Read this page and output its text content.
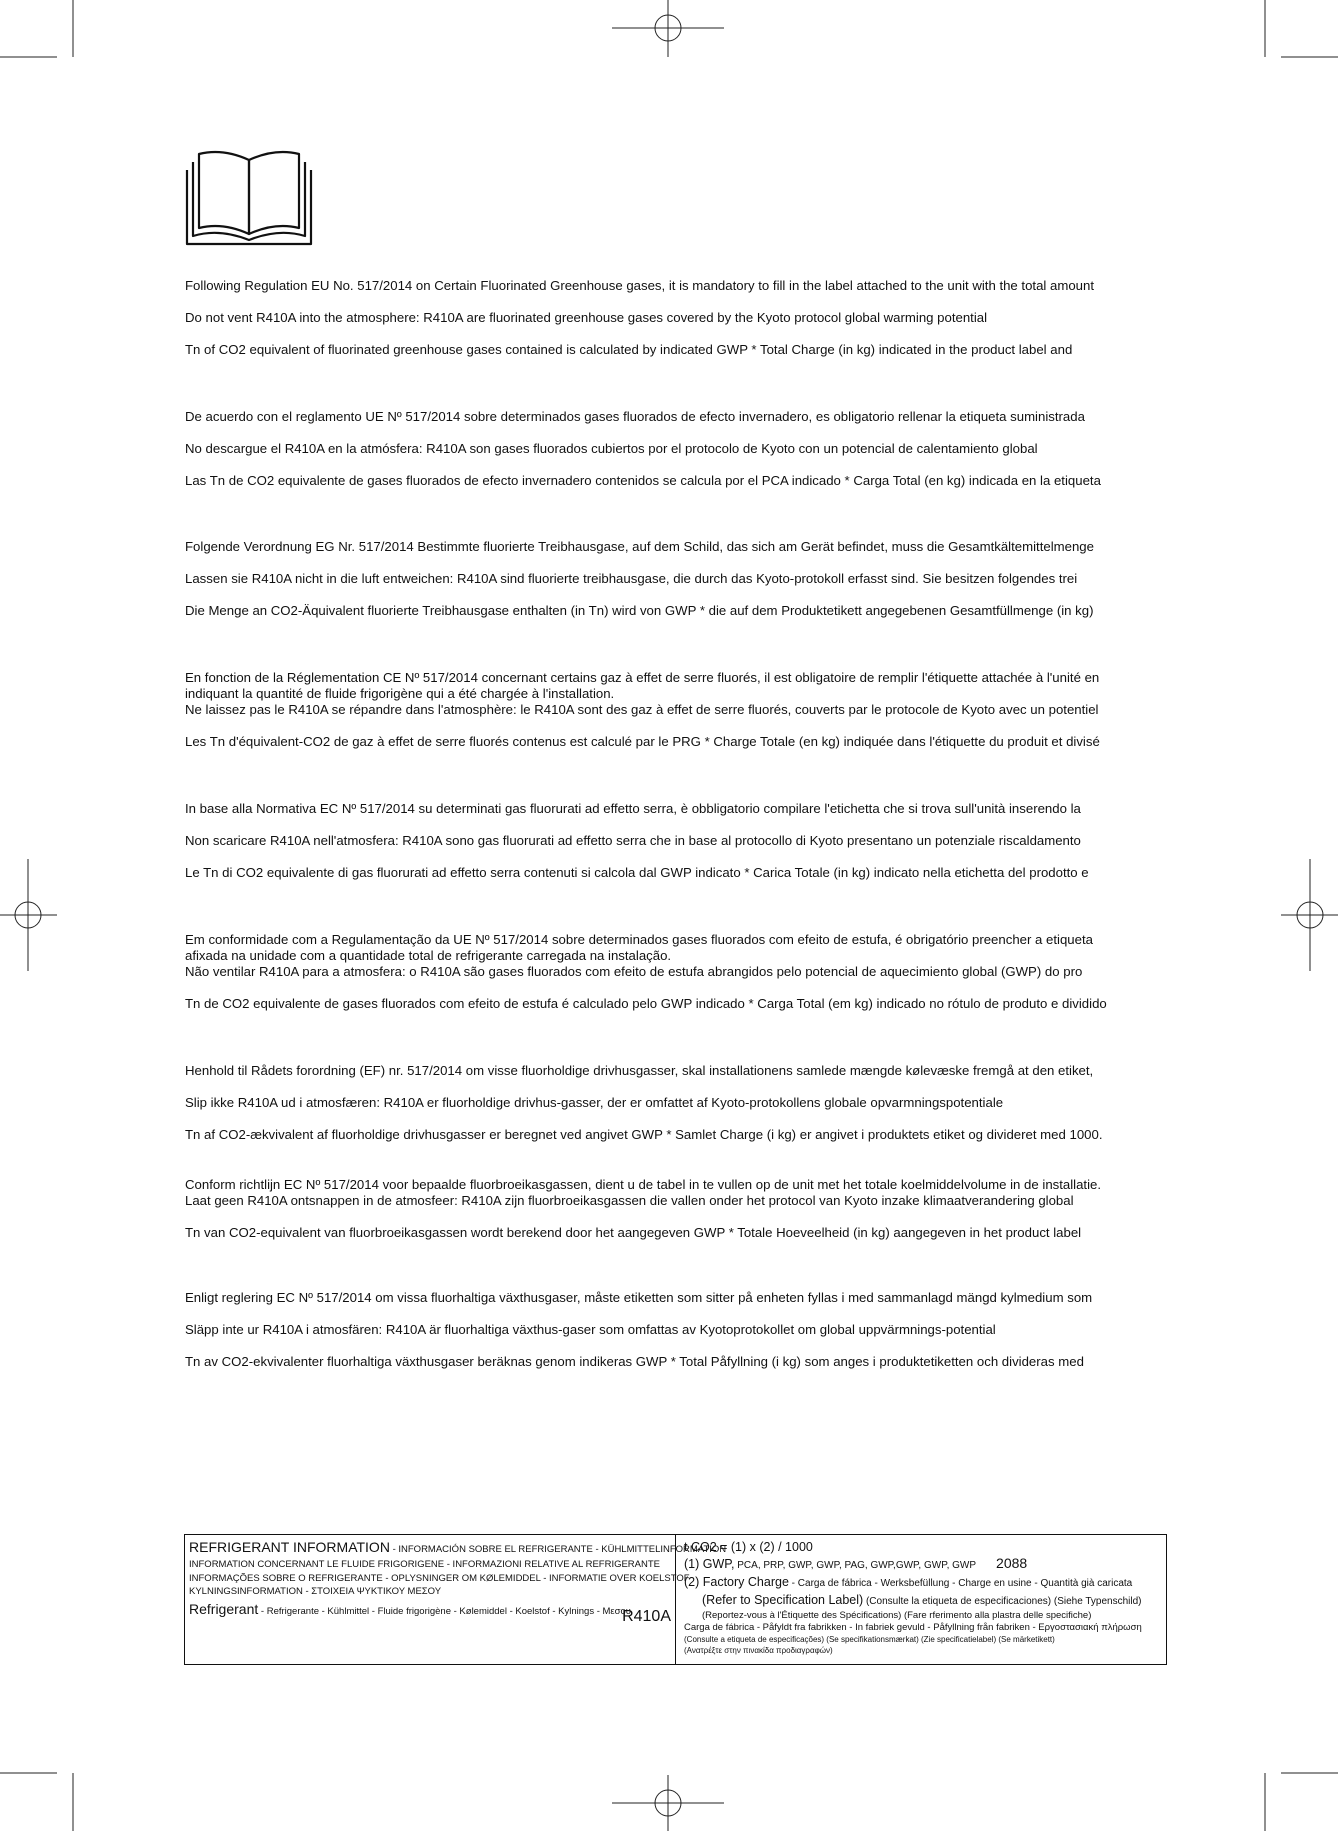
Following Regulation EU No. 517/2014 on Certain Fluorinated Greenhouse gases, it is mandatory to fill in the label attached to the unit with the total amount
Do not vent R410A into the atmosphere: R410A are fluorinated greenhouse gases covered by the Kyoto protocol global warming potential
Tn of CO2 equivalent of fluorinated greenhouse gases contained is calculated by indicated GWP * Total Charge (in kg) indicated in the product label and
De acuerdo con el reglamento UE Nº 517/2014 sobre determinados gases fluorados de efecto invernadero, es obligatorio rellenar la etiqueta suministrada
No descargue el R410A en la atmósfera: R410A son gases fluorados cubiertos por el protocolo de Kyoto con un potencial de calentamiento global
Las Tn de CO2 equivalente de gases fluorados de efecto invernadero contenidos se calcula por el PCA indicado * Carga Total (en kg) indicada en la etiqueta
Folgende Verordnung EG Nr. 517/2014 Bestimmte fluorierte Treibhausgase, auf dem Schild, das sich am Gerät befindet, muss die Gesamtkältemittelmenge
Lassen sie R410A nicht in die luft entweichen: R410A sind fluorierte treibhausgase, die durch das Kyoto-protokoll erfasst sind. Sie besitzen folgendes trei
Die Menge an CO2-Äquivalent fluorierte Treibhausgase enthalten (in Tn) wird von GWP * die auf dem Produktetikett angegebenen Gesamtfüllmenge (in kg)
En fonction de la Réglementation CE Nº 517/2014 concernant certains gaz à effet de serre fluorés, il est obligatoire de remplir l'étiquette attachée à l'unité en
indiquant la quantité de fluide frigorigène qui a été chargée à l'installation.
Ne laissez pas le R410A se répandre dans l'atmosphère: le R410A sont des gaz à effet de serre fluorés, couverts par le protocole de Kyoto avec un potentiel
Les Tn d'équivalent-CO2 de gaz à effet de serre fluorés contenus est calculé par le PRG * Charge Totale (en kg) indiquée dans l'étiquette du produit et divisé
In base alla Normativa EC Nº 517/2014 su determinati gas fluorurati ad effetto serra, è obbligatorio compilare l'etichetta che si trova sull'unità inserendo la
Non scaricare R410A nell'atmosfera: R410A sono gas fluorurati ad effetto serra che in base al protocollo di Kyoto presentano un potenziale riscaldamento
Le Tn di CO2 equivalente di gas fluorurati ad effetto serra contenuti si calcola dal GWP indicato * Carica Totale (in kg) indicato nella etichetta del prodotto e
Em conformidade com a Regulamentação da UE Nº 517/2014 sobre determinados gases fluorados com efeito de estufa, é obrigatório preencher a etiqueta
afixada na unidade com a quantidade total de refrigerante carregada na instalação.
Não ventilar R410A para a atmosfera: o R410A são gases fluorados com efeito de estufa abrangidos pelo potencial de aquecimiento global (GWP) do pro
Tn de CO2 equivalente de gases fluorados com efeito de estufa é calculado pelo GWP indicado * Carga Total (em kg) indicado no rótulo de produto e dividido
Henhold til Rådets forordning (EF) nr. 517/2014 om visse fluorholdige drivhusgasser, skal installationens samlede mængde kølevæske fremgå at den etiket,
Slip ikke R410A ud i atmosfæren: R410A er fluorholdige drivhus-gasser, der er omfattet af Kyoto-protokollens globale opvarmningspotentiale
Tn af CO2-ækvivalent af fluorholdige drivhusgasser er beregnet ved angivet GWP * Samlet Charge (i kg) er angivet i produktets etiket og divideret med 1000.
Conform richtlijn EC Nº 517/2014 voor bepaalde fluorbroeikasgassen, dient u de tabel in te vullen op de unit met het totale koelmiddelvolume in de installatie.
Laat geen R410A ontsnappen in de atmosfeer: R410A zijn fluorbroeikasgassen die vallen onder het protocol van Kyoto inzake klimaatverandering global
Tn van CO2-equivalent van fluorbroeikasgassen wordt berekend door het aangegeven GWP * Totale Hoeveelheid (in kg) aangegeven in het product label
Enligt reglering EC Nº 517/2014 om vissa fluorhaltiga växthusgaser, måste etiketten som sitter på enheten fyllas i med sammanlagd mängd kylmedium som
Släpp inte ur R410A i atmosfären: R410A är fluorhaltiga växthus-gaser som omfattas av Kyotoprotokollet om global uppvärmnings-potential
Tn av CO2-ekvivalenter fluorhaltiga växthusgaser beräknas genom indikeras GWP * Total Påfyllning (i kg) som anges i produktetiketten och divideras med
REFRIGERANT INFORMATION - INFORMACIÓN SOBRE EL REFRIGERANTE - KÜHLMITTELINFORMATION
INFORMATION CONCERNANT LE FLUIDE FRIGORIGENE - INFORMAZIONI RELATIVE AL REFRIGERANTE
INFORMAÇÕES SOBRE O REFRIGERANTE - OPLYSNINGER OM KØLEMIDDEL - INFORMATIE OVER KOELSTOF
KYLNINGSINFORMATION - ΣΤΟΙΧΕΙΑ ΨΥΚΤΙΚΟΥ ΜΕΣΟΥ
Refrigerant - Refrigerante - Kühlmittel - Fluide frigorigène - Kølemiddel - Koelstof - Kylnings - Μεσου
R410A
t CO2 = (1) x (2) / 1000
(1) GWP, PCA, PRP, GWP, GWP, PAG, GWP,GWP, GWP, GWP 2088
(2) Factory Charge - Carga de fábrica - Werksbefüllung - Charge en usine - Quantità già caricata
(Refer to Specification Label) (Consulte la etiqueta de especificaciones) (Siehe Typenschild)
(Reportez-vous à l'Étiquette des Spécifications) (Fare rferimento alla plastra delle specifiche)
Carga de fábrica - Påfyldt fra fabrikken - In fabriek gevuld - Påfyllning från fabriken - Εργοστασιακή πλήρωση
(Consulte a etiqueta de especificações) (Se specifikationsmærkat) (Zie specificatielabel) (Se märketikett)
(Ανατρέξτε στην πινακίδα προδιαγραφών)
